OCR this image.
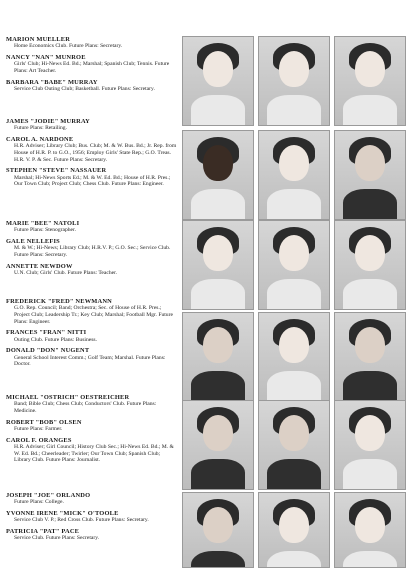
MARION MUELLER

Home Economics Club. Future Plans: Secretary.

NANCY "NAN" MUNROE

Girls' Club; Hi-News Ed. Bd.; Marshal; Spanish Club; Tennis. Future Plans: Art Teacher.

BARBARA "BABE" MURRAY

Service Club Outing Club; Basketball. Future Plans: Secretary.

JAMES "JODIE" MURRAY

Future Plans: Retailing.

CAROL A. NARDONE

H.R. Adviser; Library Club; Bus. Club; M. & W. Bus. Bd.; Jr. Rep. from House of H.R. P. to G.O., 1956; Employ Girls' State Rep.; G.O. Treas. H.R. V. P. & Sec. Future Plans: Secretary.

STEPHEN "STEVE" NASSAUER

Marshal; Hi-News Sports Ed.; M. & W. Ed. Bd.; House of H.R. Pres.; Our Town Club; Project Club; Chess Club. Future Plans: Engineer.

MARIE "BEE" NATOLI

Future Plans: Stenographer.

GALE NELLEFIS

M. & W.; Hi-News; Library Club; H.R.V. P.; G.O. Sec.; Service Club. Future Plans: Secretary.

ANNETTE NEWDOW

U.N. Club; Girls' Club. Future Plans: Teacher.

FREDERICK "FRED" NEWMANN

G.O. Rep. Council; Band; Orchestra; Sec. of House of H.R. Pres.; Project Club; Leadership Tr.; Key Club; Marshal; Football Mgr. Future Plans: Engineer.

FRANCES "FRAN" NITTI

Outing Club. Future Plans: Business.

DONALD "DON" NUGENT

General School Interest Comm.; Golf Team; Marshal. Future Plans: Doctor.

MICHAEL "OSTRICH" OESTREICHER

Band; Bible Club; Chess Club; Conductors' Club. Future Plans: Medicine.

ROBERT "BOB" OLSEN

Future Plans: Farmer.

CAROL F. ORANGES

H.R. Adviser; Girl Council; History Club Sec.; Hi-News Ed. Bd.; M. & W. Ed. Bd.; Cheerleader; Twirler; Our Town Club; Spanish Club; Library Club. Future Plans: Journalist.

JOSEPH "JOE" ORLANDO

Future Plans: College.

YVONNE IRENE "MICK" O'TOOLE

Service Club V. P.; Red Cross Club. Future Plans: Secretary.

PATRICIA "PAT" PACE

Service Club. Future Plans: Secretary.
